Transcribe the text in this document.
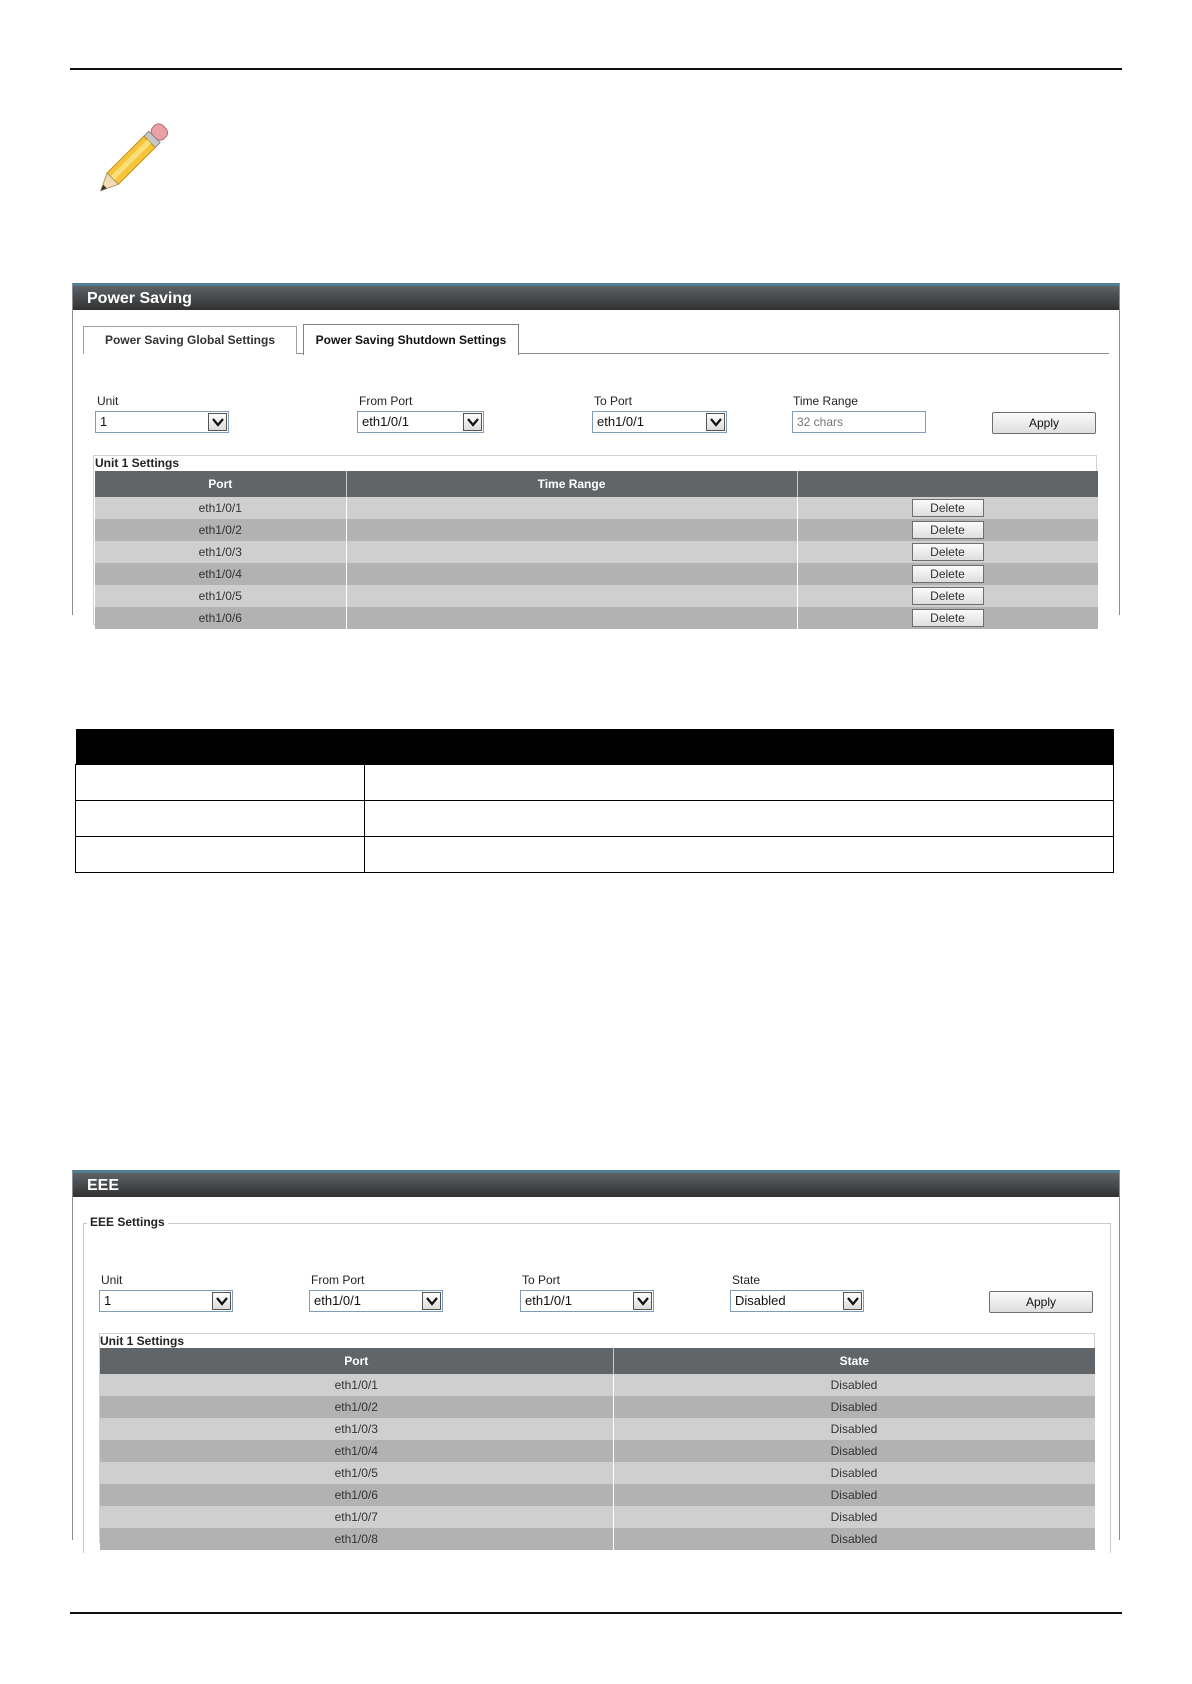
Power Saving
Power Saving Global Settings	Power Saving Shutdown Settings
Unit
1
From Port
eth1/0/1
To Port
eth1/0/1
Time Range
32 chars
Apply
Unit 1 Settings
Port	Time Range	
eth1/0/1		Delete
eth1/0/2		Delete
eth1/0/3		Delete
eth1/0/4		Delete
eth1/0/5		Delete
eth1/0/6		Delete

EEE
EEE Settings
Unit
1
From Port
eth1/0/1
To Port
eth1/0/1
State
Disabled	Apply
Unit 1 Settings
Port	State
eth1/0/1	Disabled
eth1/0/2	Disabled
eth1/0/3	Disabled
eth1/0/4	Disabled
eth1/0/5	Disabled
eth1/0/6	Disabled
eth1/0/7	Disabled
eth1/0/8	Disabled
